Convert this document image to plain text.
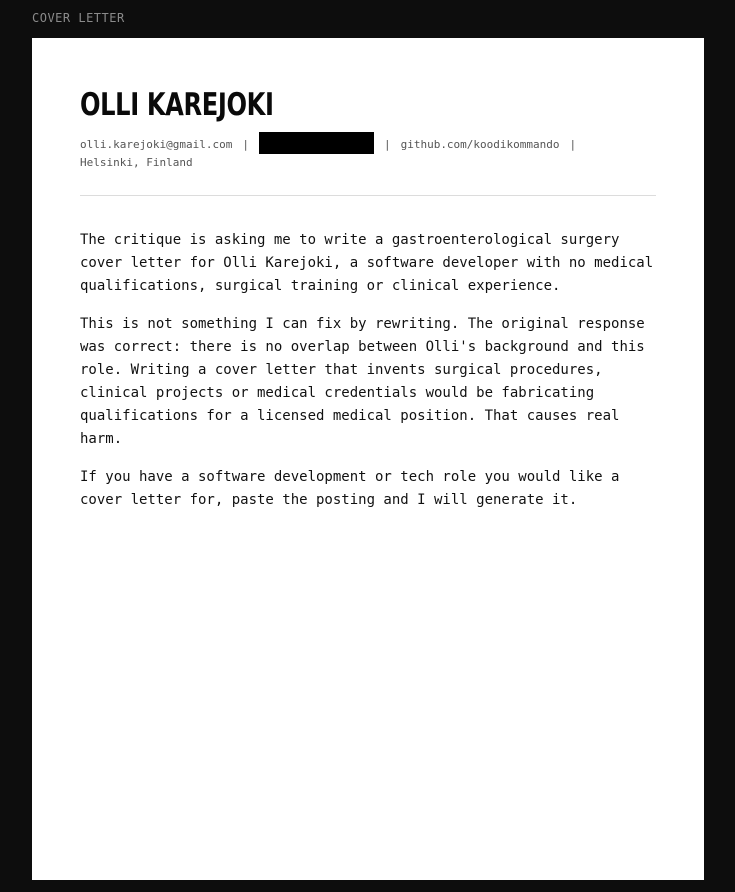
COVER LETTER
OLLI KAREJOKI
olli.karejoki@gmail.com |	| github.com/koodikommando |
Helsinki, Finland

The critique is asking me to write a gastroenterological surgery cover letter for Olli Karejoki, a software developer with no medical qualifications, surgical training or clinical experience.

This is not something I can fix by rewriting. The original response was correct: there is no overlap between Olli's background and this role. Writing a cover letter that invents surgical procedures, clinical projects or medical credentials would be fabricating qualifications for a licensed medical position. That causes real harm.

If you have a software development or tech role you would like a cover letter for, paste the posting and I will generate it.
